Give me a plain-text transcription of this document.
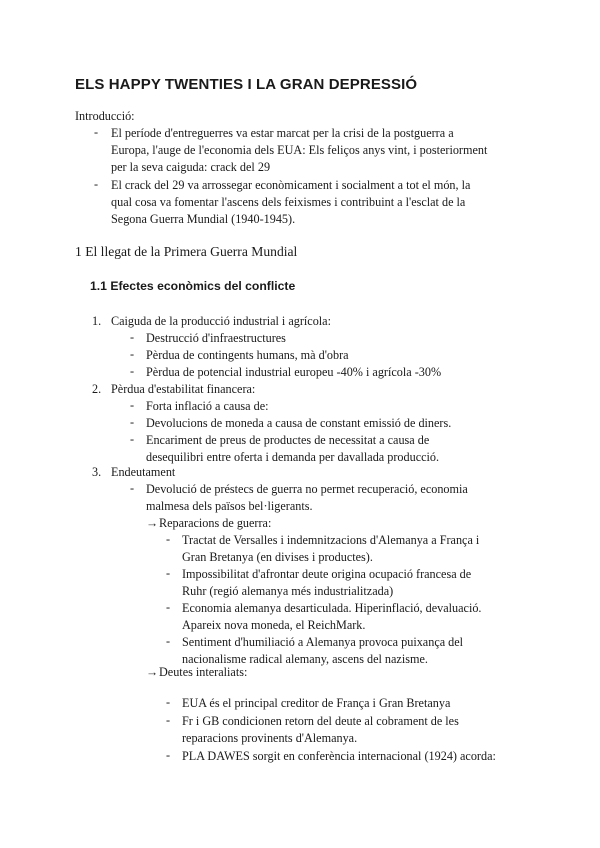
ELS HAPPY TWENTIES I LA GRAN DEPRESSIÓ
Introducció:
- El període d'entreguerres va estar marcat per la crisi de la postguerra a
Europa, l'auge de l'economia dels EUA: Els feliços anys vint, i posteriorment
per la seva caiguda: crack del 29
- El crack del 29 va arrossegar econòmicament i socialment a tot el món, la
qual cosa va fomentar l'ascens dels feixismes i contribuint a l'esclat de la
Segona Guerra Mundial (1940-1945).
1 El llegat de la Primera Guerra Mundial
1.1 Efectes econòmics del conflicte
1. Caiguda de la producció industrial i agrícola:
- Destrucció d'infraestructures
- Pèrdua de contingents humans, mà d'obra
- Pèrdua de potencial industrial europeu -40% i agrícola -30%
2. Pèrdua d'estabilitat financera:
- Forta inflació a causa de:
- Devolucions de moneda a causa de constant emissió de diners.
- Encariment de preus de productes de necessitat a causa de
desequilibri entre oferta i demanda per davallada producció.
3. Endeutament
- Devolució de préstecs de guerra no permet recuperació, economia
malmesa dels països bel·ligerants.
→ Reparacions de guerra:
- Tractat de Versalles i indemnitzacions d'Alemanya a França i
Gran Bretanya (en divises i productes).
- Impossibilitat d'afrontar deute origina ocupació francesa de
Ruhr (regió alemanya més industrialitzada)
- Economia alemanya desarticulada. Hiperinflació, devaluació.
Apareix nova moneda, el ReichMark.
- Sentiment d'humiliació a Alemanya provoca puixança del
nacionalisme radical alemany, ascens del nazisme.
→ Deutes interaliats:
- EUA és el principal creditor de França i Gran Bretanya
- Fr i GB condicionen retorn del deute al cobrament de les
reparacions provinents d'Alemanya.
- PLA DAWES sorgit en conferència internacional (1924) acorda:
